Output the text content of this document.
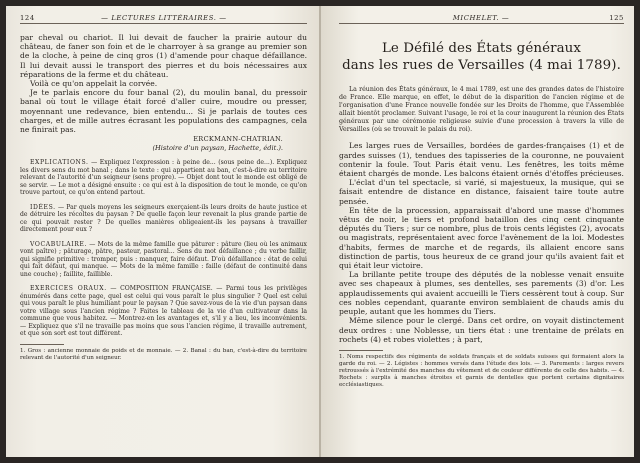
124	— LECTURES LITTÉRAIRES. —

par cheval ou chariot. Il lui devait de faucher la prairie autour du château, de faner son foin et de le charroyer à sa grange au premier son de la cloche, à peine de cinq gros (1) d'amende pour chaque défaillance. Il lui devait aussi le transport des pierres et du bois nécessaires aux réparations de la ferme et du château.

Voilà ce qu'on appelait la corvée.

Je te parlais encore du four banal (2), du moulin banal, du pressoir banal où tout le village était forcé d'aller cuire, moudre ou presser, moyennant une redevance, bien entendu... Si je parlais de toutes ces charges, et de mille autres écrasant les populations des campagnes, cela ne finirait pas.

ERCKMANN-CHATRIAN.
(Histoire d'un paysan, Hachette, édit.).

EXPLICATIONS. — Expliquez l'expression : à peine de... (sous peine de...). Expliquez les divers sens du mot banal ; dans le texte : qui appartient au ban, c'est-à-dire au territoire relevant de l'autorité d'un seigneur (sens propre). — Objet dont tout le monde est obligé de se servir. — Le mot a désigné ensuite : ce qui est à la disposition de tout le monde, ce qu'on trouve partout, ce qu'on entend partout.

IDÉES. — Par quels moyens les seigneurs exerçaient-ils leurs droits de haute justice et de détruire les récoltes du paysan ? De quelle façon leur revenait la plus grande partie de ce qui pouvait rester ? De quelles manières obligeaient-ils les paysans à travailler directement pour eux ?

VOCABULAIRE. — Mots de la même famille que pâturer : pâture (lieu où les animaux vont paître) ; pâturage, pâtre, pasteur, pastoral... Sens du mot défaillance ; du verbe faillir, qui signifie primitive : tromper, puis : manquer, faire défaut. D'où défaillance : état de celui qui fait défaut, qui manque. — Mots de la même famille : faille (défaut de continuité dans une couche) ; faillite, faillible.

EXERCICES ORAUX. — COMPOSITION FRANÇAISE. — Parmi tous les privilèges énumérés dans cette page, quel est celui qui vous paraît le plus singulier ? Quel est celui qui vous paraît le plus humiliant pour le paysan ? Que savez-vous de la vie d'un paysan dans votre village sous l'ancien régime ? Faites le tableau de la vie d'un cultivateur dans la commune que vous habitez. — Montrez-en les avantages et, s'il y a lieu, les inconvénients. — Expliquez que s'il ne travaille pas moins que sous l'ancien régime, il travaille autrement, et que son sort est tout différent.

1. Gros : ancienne monnaie de poids et de monnaie. — 2. Banal : du ban, c'est-à-dire du territoire relevant de l'autorité d'un seigneur.
MICHELET. —	125
Le Défilé des États généraux
dans les rues de Versailles (4 mai 1789).

La réunion des États généraux, le 4 mai 1789, est une des grandes dates de l'histoire de France. Elle marque, en effet, le début de la disparition de l'ancien régime et de l'organisation d'une France nouvelle fondée sur les Droits de l'homme, que l'Assemblée allait bientôt proclamer. Suivant l'usage, le roi et la cour inaugurent la réunion des États généraux par une cérémonie religieuse suivie d'une procession à travers la ville de Versailles (où se trouvait le palais du roi).

Les larges rues de Versailles, bordées de gardes-françaises (1) et de gardes suisses (1), tendues des tapisseries de la couronne, ne pouvaient contenir la foule. Tout Paris était venu. Les fenêtres, les toits même étaient chargés de monde. Les balcons étaient ornés d'étoffes précieuses.

L'éclat d'un tel spectacle, si varié, si majestueux, la musique, qui se faisait entendre de distance en distance, faisaient taire toute autre pensée.

En tête de la procession, apparaissait d'abord une masse d'hommes vêtus de noir, le tiers et profond bataillon des cinq cent cinquante députés du Tiers ; sur ce nombre, plus de trois cents légistes (2), avocats ou magistrats, représentaient avec force l'avènement de la loi. Modestes d'habits, fermes de marche et de regards, ils allaient encore sans distinction de partis, tous heureux de ce grand jour qu'ils avaient fait et qui était leur victoire.

La brillante petite troupe des députés de la noblesse venait ensuite avec ses chapeaux à plumes, ses dentelles, ses parements (3) d'or. Les applaudissements qui avaient accueilli le Tiers cessèrent tout à coup. Sur ces nobles cependant, quarante environ semblaient de chauds amis du peuple, autant que les hommes du Tiers.

Même silence pour le clergé. Dans cet ordre, on voyait distinctement deux ordres : une Noblesse, un tiers état : une trentaine de prélats en rochets (4) et robes violettes ; à part,

1. Noms respectifs des régiments de soldats français et de soldats suisses qui formaient alors la garde du roi. — 2. Légistes : hommes versés dans l'étude des lois. — 3. Parements : larges revers retroussés à l'extrémité des manches du vêtement et de couleur différente de celle des habits. — 4. Rochets : surplis à manches étroites et garnis de dentelles que portent certains dignitaires ecclésiastiques.
